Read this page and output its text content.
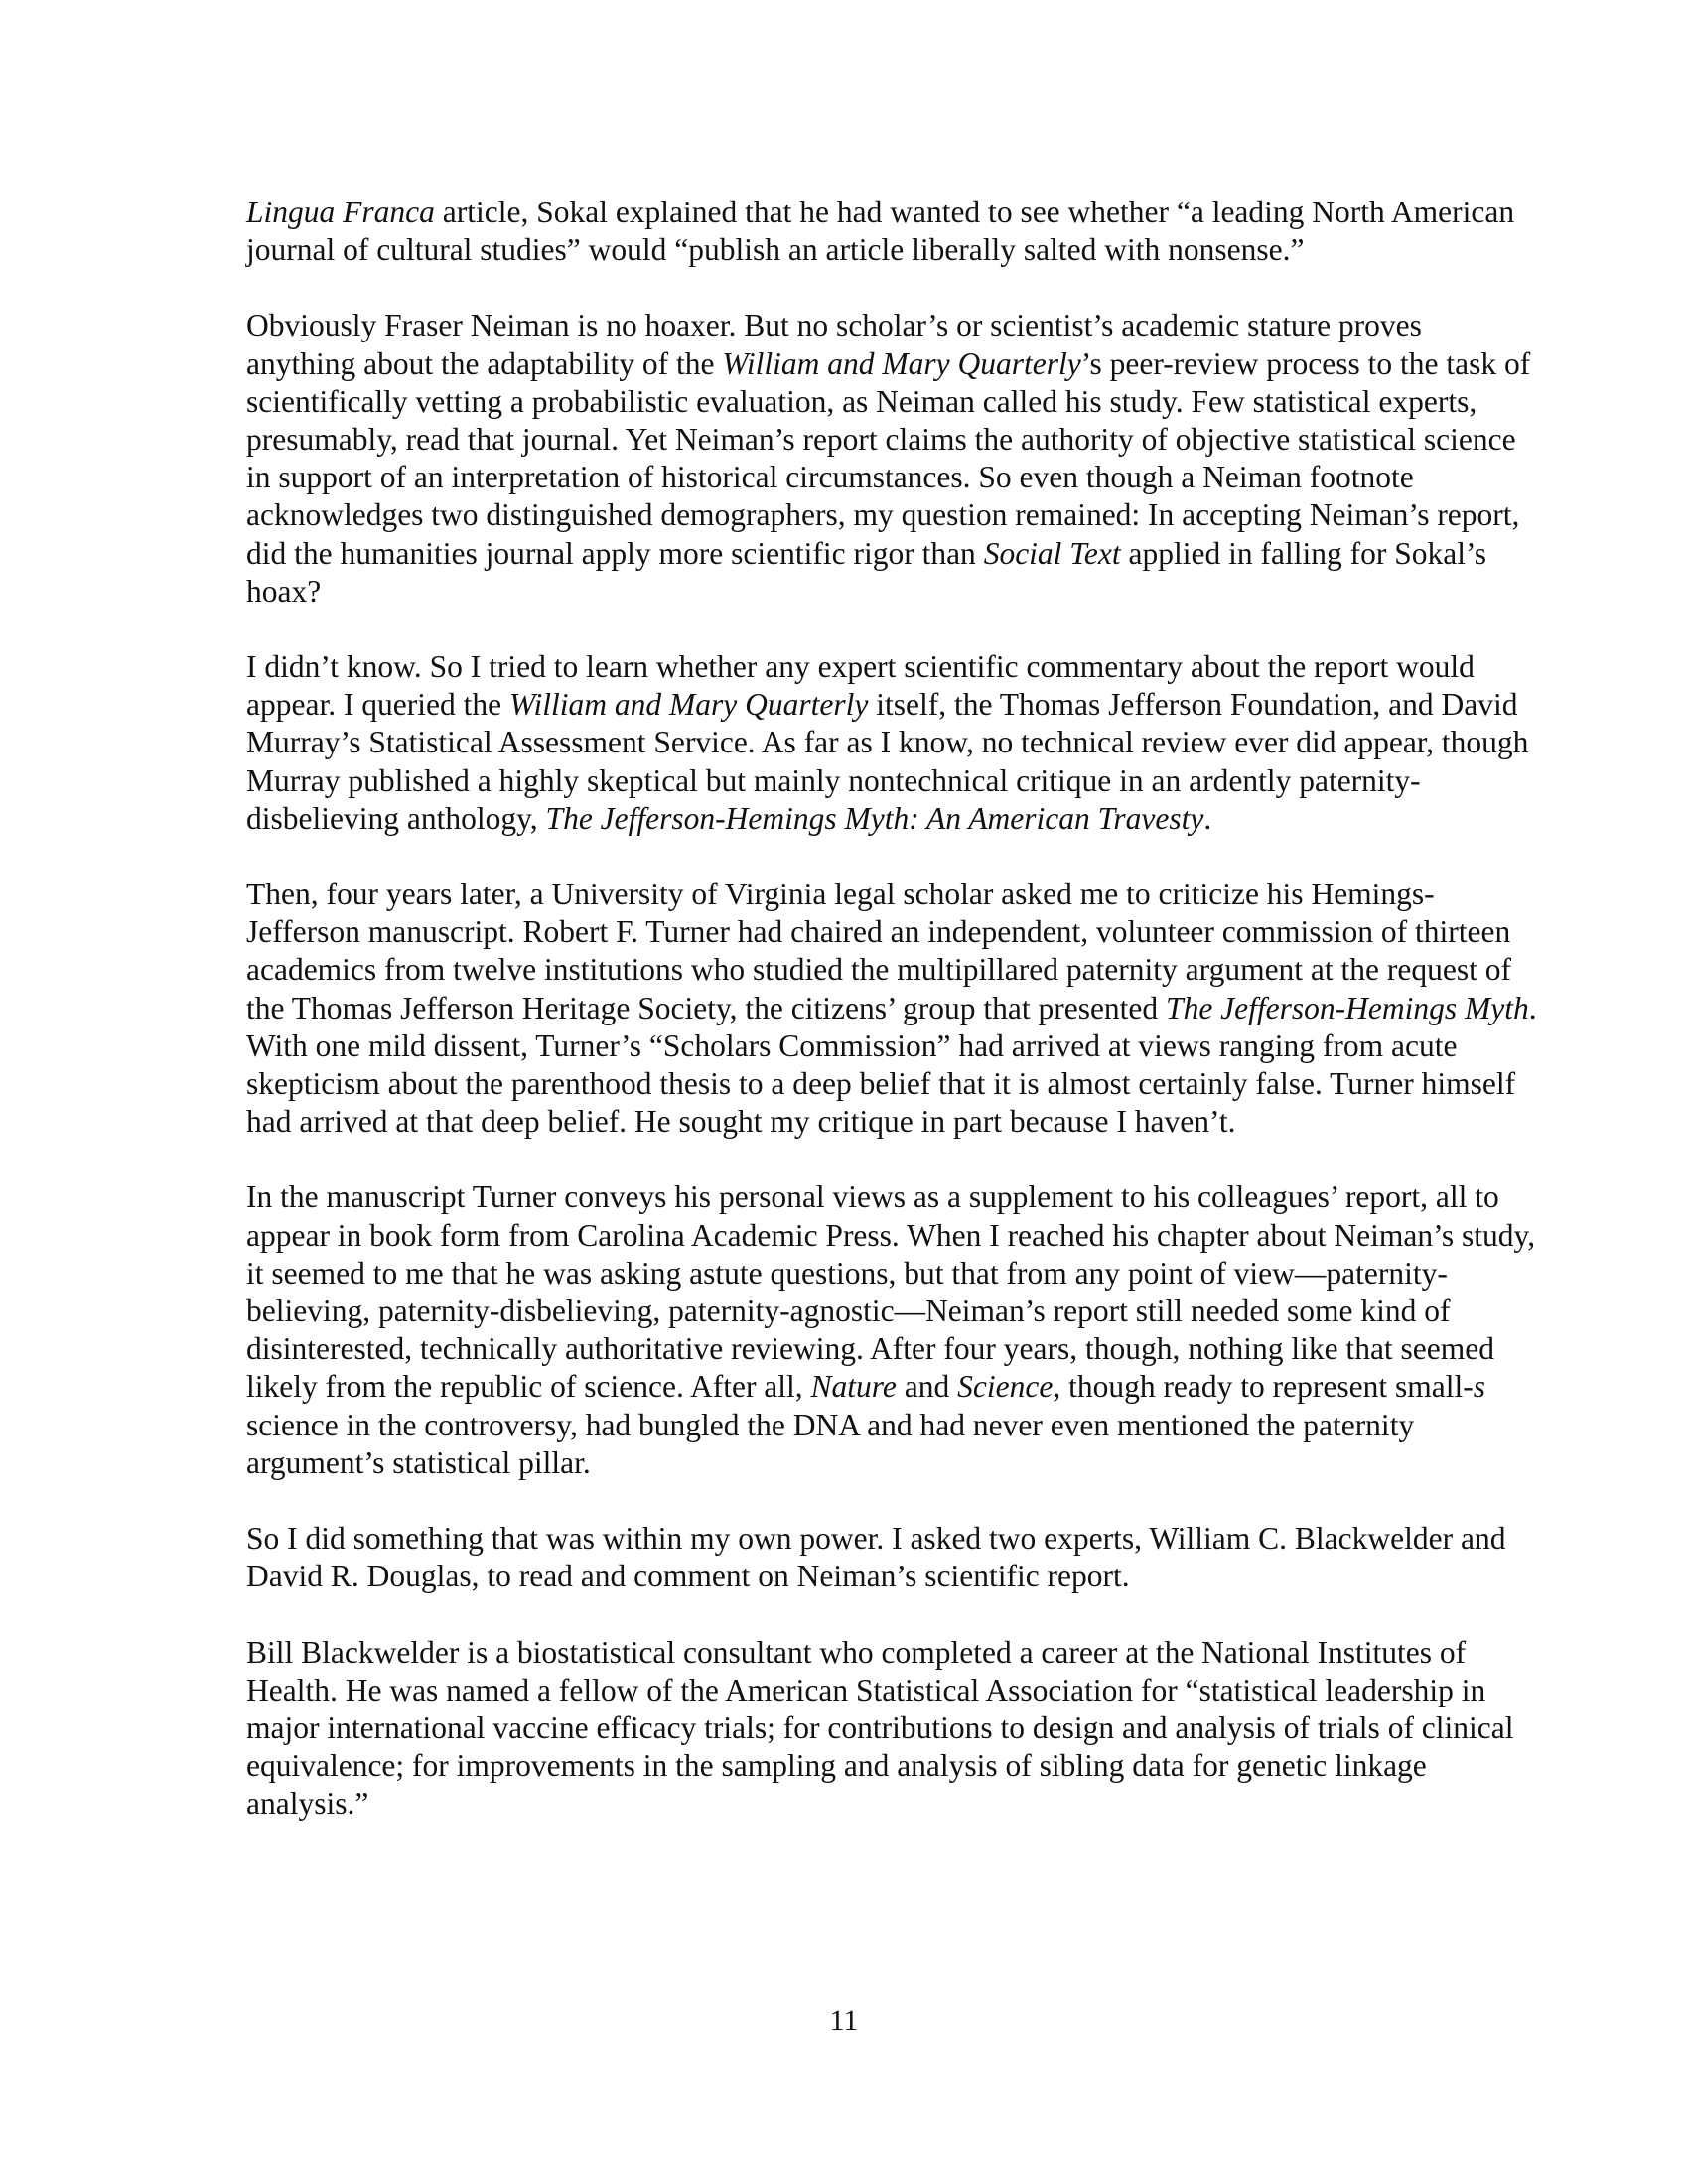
Lingua Franca article, Sokal explained that he had wanted to see whether “a leading North American journal of cultural studies” would “publish an article liberally salted with nonsense.”

Obviously Fraser Neiman is no hoaxer. But no scholar’s or scientist’s academic stature proves anything about the adaptability of the William and Mary Quarterly’s peer-review process to the task of scientifically vetting a probabilistic evaluation, as Neiman called his study. Few statistical experts, presumably, read that journal. Yet Neiman’s report claims the authority of objective statistical science in support of an interpretation of historical circumstances. So even though a Neiman footnote acknowledges two distinguished demographers, my question remained: In accepting Neiman’s report, did the humanities journal apply more scientific rigor than Social Text applied in falling for Sokal’s hoax?

I didn’t know. So I tried to learn whether any expert scientific commentary about the report would appear. I queried the William and Mary Quarterly itself, the Thomas Jefferson Foundation, and David Murray’s Statistical Assessment Service. As far as I know, no technical review ever did appear, though Murray published a highly skeptical but mainly nontechnical critique in an ardently paternity-disbelieving anthology, The Jefferson-Hemings Myth: An American Travesty.

Then, four years later, a University of Virginia legal scholar asked me to criticize his Hemings-Jefferson manuscript. Robert F. Turner had chaired an independent, volunteer commission of thirteen academics from twelve institutions who studied the multipillared paternity argument at the request of the Thomas Jefferson Heritage Society, the citizens’ group that presented The Jefferson-Hemings Myth. With one mild dissent, Turner’s “Scholars Commission” had arrived at views ranging from acute skepticism about the parenthood thesis to a deep belief that it is almost certainly false. Turner himself had arrived at that deep belief. He sought my critique in part because I haven’t.

In the manuscript Turner conveys his personal views as a supplement to his colleagues’ report, all to appear in book form from Carolina Academic Press. When I reached his chapter about Neiman’s study, it seemed to me that he was asking astute questions, but that from any point of view—paternity-believing, paternity-disbelieving, paternity-agnostic—Neiman’s report still needed some kind of disinterested, technically authoritative reviewing. After four years, though, nothing like that seemed likely from the republic of science. After all, Nature and Science, though ready to represent small-s science in the controversy, had bungled the DNA and had never even mentioned the paternity argument’s statistical pillar.

So I did something that was within my own power. I asked two experts, William C. Blackwelder and David R. Douglas, to read and comment on Neiman’s scientific report.

Bill Blackwelder is a biostatistical consultant who completed a career at the National Institutes of Health. He was named a fellow of the American Statistical Association for “statistical leadership in major international vaccine efficacy trials; for contributions to design and analysis of trials of clinical equivalence; for improvements in the sampling and analysis of sibling data for genetic linkage analysis.”

11
